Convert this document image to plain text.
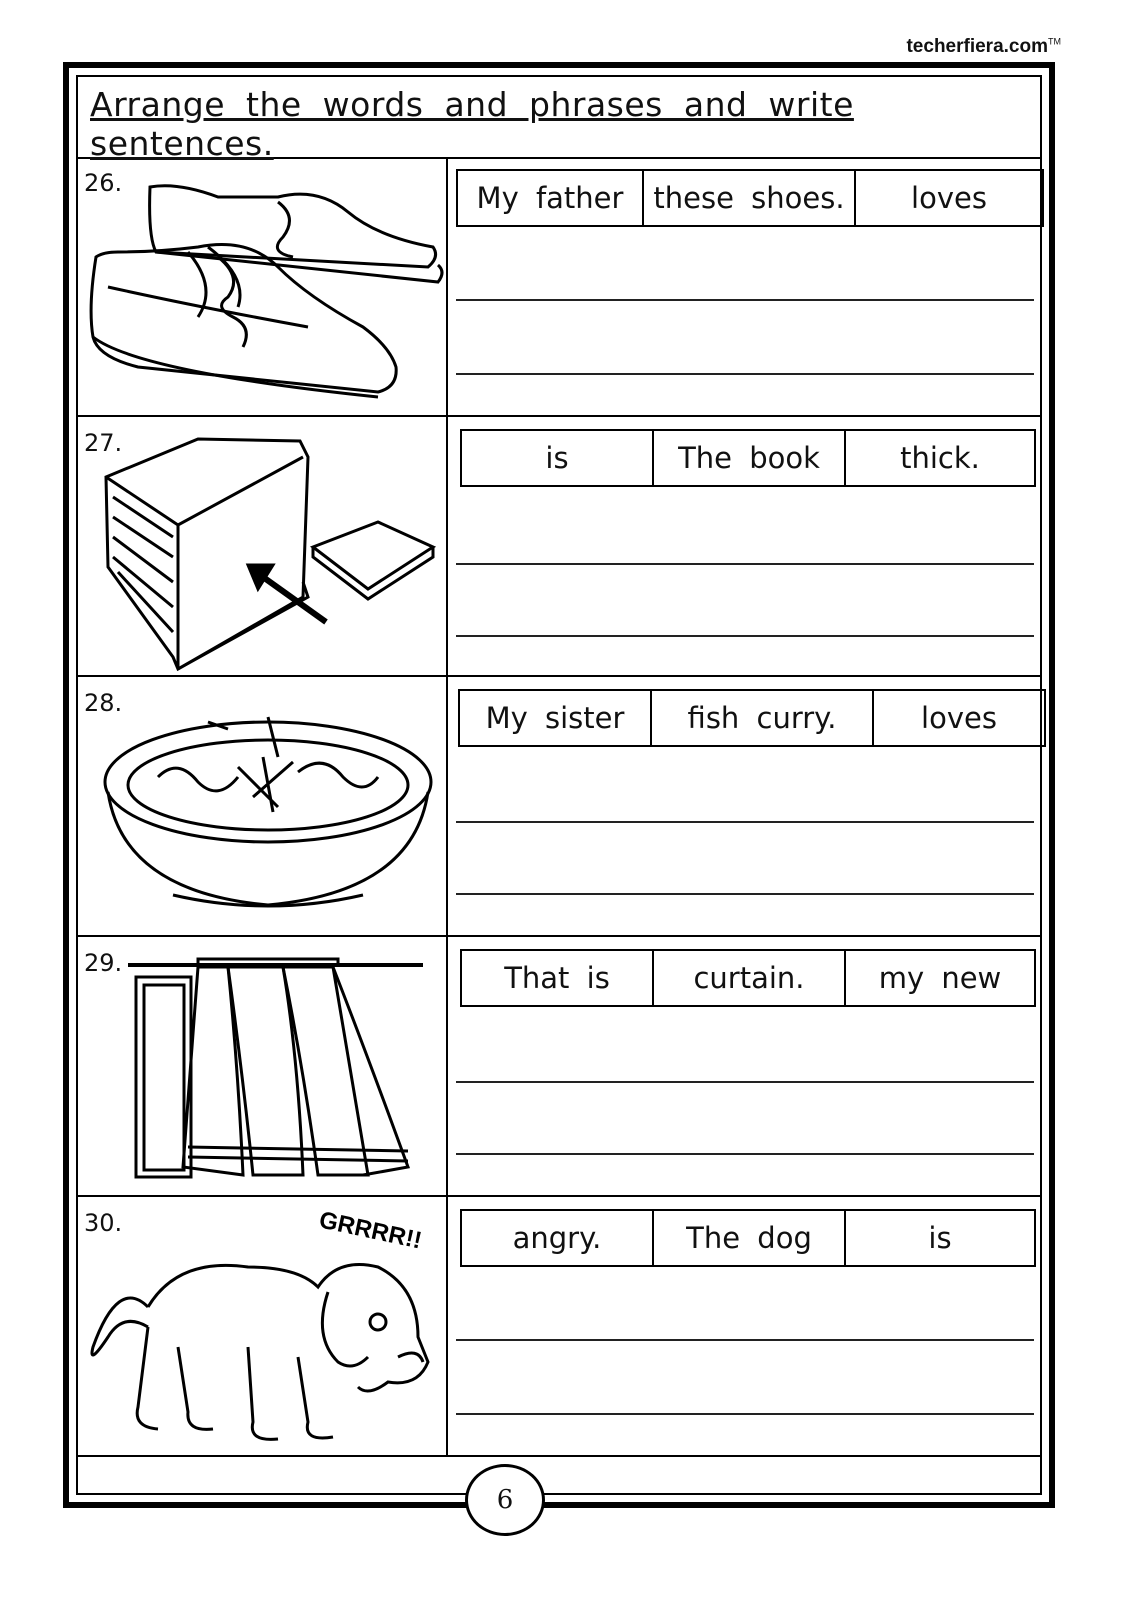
techerfiera.com™
Arrange the words and phrases and write sentences.
26.	My father	these shoes.	loves
27.	is	The book	thick.
28.	My sister	fish curry.	loves
29.	That is	curtain.	my new
30.	GRRRR!!	angry.	The dog	is
6
